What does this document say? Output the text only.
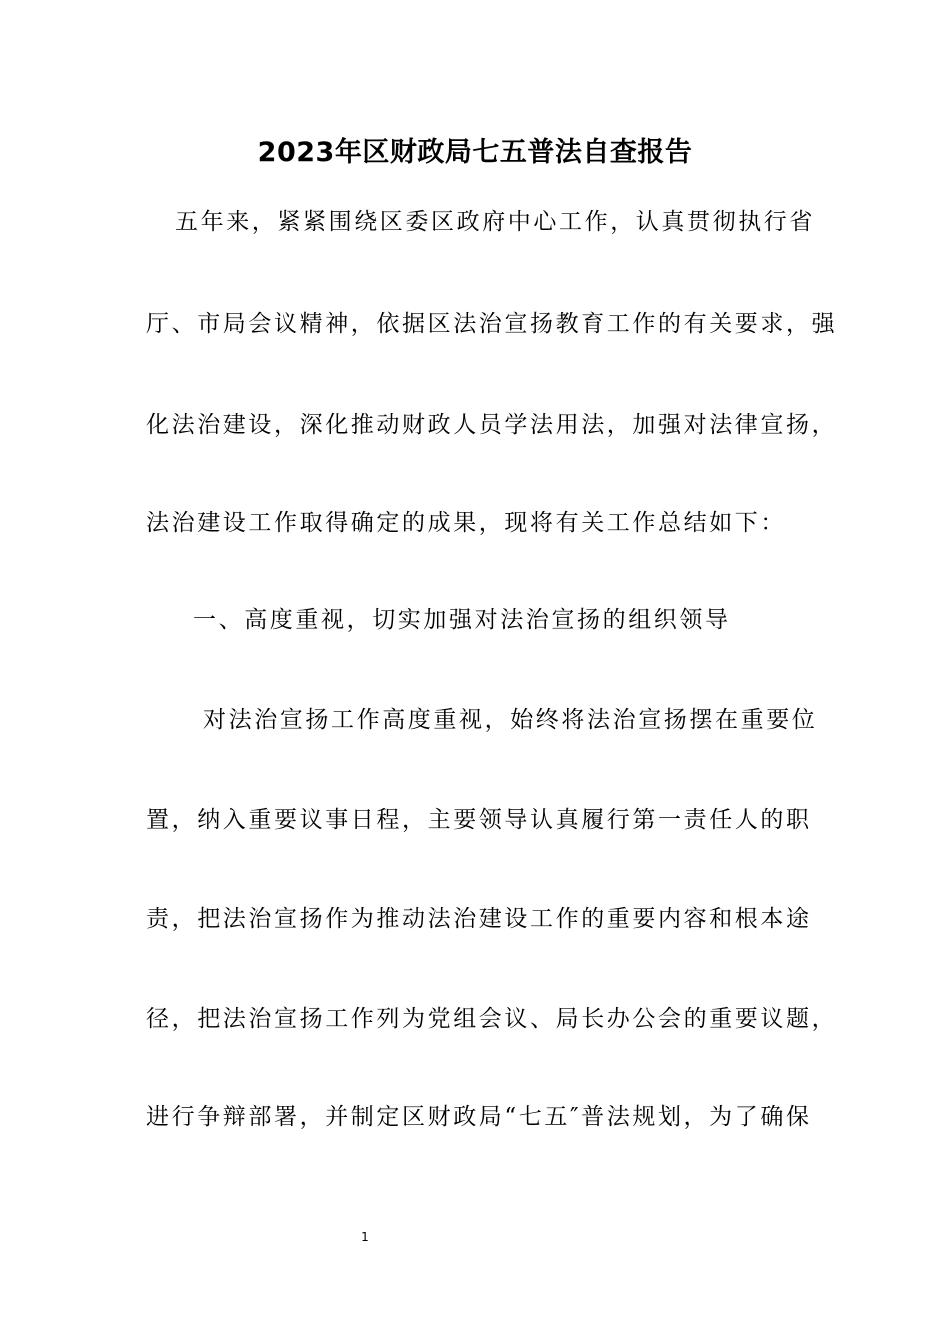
2023年区财政局七五普法自查报告
五年来，紧紧围绕区委区政府中心工作，认真贯彻执行省
厅、市局会议精神，依据区法治宣扬教育工作的有关要求，强
化法治建设，深化推动财政人员学法用法，加强对法律宣扬，
法治建设工作取得确定的成果，现将有关工作总结如下：
一、高度重视，切实加强对法治宣扬的组织领导
对法治宣扬工作高度重视，始终将法治宣扬摆在重要位
置，纳入重要议事日程，主要领导认真履行第一责任人的职
责，把法治宣扬作为推动法治建设工作的重要内容和根本途
径，把法治宣扬工作列为党组会议、局长办公会的重要议题，
进行争辩部署，并制定区财政局“七五″普法规划，为了确保
1
